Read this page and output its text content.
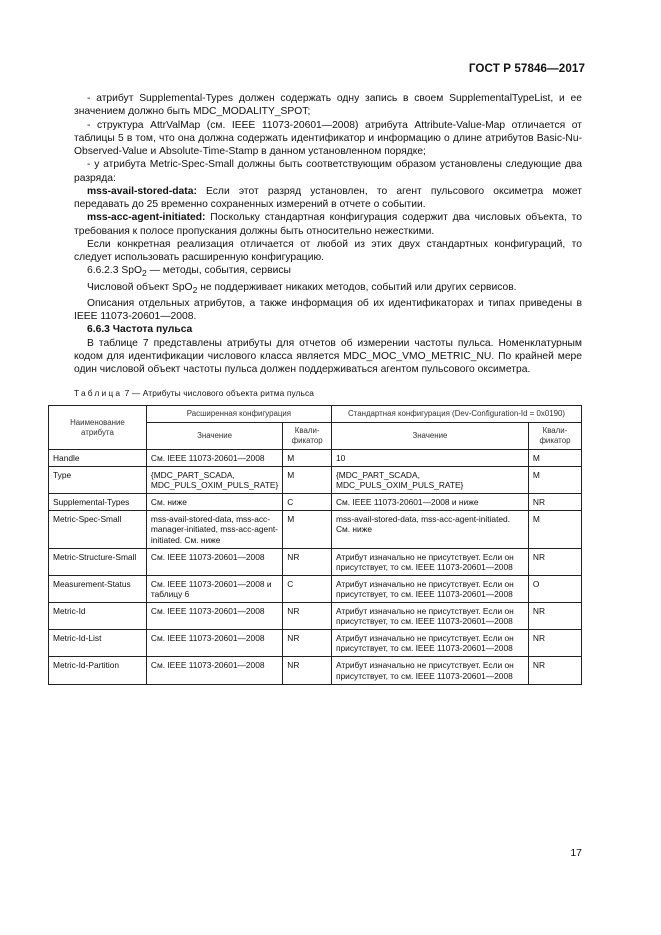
ГОСТ Р 57846—2017

- атрибут Supplemental-Types должен содержать одну запись в своем SupplementalTypeList, и ее значением должно быть MDC_MODALITY_SPOT;

- структура AttrValMap (см. IEEE 11073-20601—2008) атрибута Attribute-Value-Map отличается от таблицы 5 в том, что она должна содержать идентификатор и информацию о длине атрибутов Basic-Nu-Observed-Value и Absolute-Time-Stamp в данном установленном порядке;

- у атрибута Metric-Spec-Small должны быть соответствующим образом установлены следующие два разряда:

mss-avail-stored-data: Если этот разряд установлен, то агент пульсового оксиметра может передавать до 25 временно сохраненных измерений в отчете о событии.

mss-acc-agent-initiated: Поскольку стандартная конфигурация содержит два числовых объекта, то требования к полосе пропускания должны быть относительно нежесткими.

Если конкретная реализация отличается от любой из этих двух стандартных конфигураций, то следует использовать расширенную конфигурацию.

6.6.2.3 SpO$_2$ — методы, события, сервисы

Числовой объект SpO$_2$ не поддерживает никаких методов, событий или других сервисов.

Описания отдельных атрибутов, а также информация об их идентификаторах и типах приведены в IEEE 11073-20601—2008.

6.6.3 Частота пульса

В таблице 7 представлены атрибуты для отчетов об измерении частоты пульса. Номенклатурным кодом для идентификации числового класса является MDC_MOC_VMO_METRIC_NU. По крайней мере один числовой объект частоты пульса должен поддерживаться агентом пульсового оксиметра.

Таблица 7 — Атрибуты числового объекта ритма пульса
Наименование атрибута	Расширенная конфигурация		Стандартная конфигурация (Dev-Configuration-Id = 0x0190)	
	Значение	Квали-фикатор	Значение	Квали-фикатор
Handle	См. IEEE 11073-20601—2008	M	10	M
Type	{MDC_PART_SCADA, MDC_PULS_OXIM_PULS_RATE}	M	{MDC_PART_SCADA, MDC_PULS_OXIM_PULS_RATE}	M
Supplemental-Types	См. ниже	C	См. IEEE 11073-20601—2008 и ниже	NR
Metric-Spec-Small	mss-avail-stored-data, mss-acc-manager-initiated, mss-acc-agent-initiated. См. ниже	M	mss-avail-stored-data, mss-acc-agent-initiated. См. ниже	M
Metric-Structure-Small	См. IEEE 11073-20601—2008	NR	Атрибут изначально не присутствует. Если он присутствует, то см. IEEE 11073-20601—2008	NR
Measurement-Status	См. IEEE 11073-20601—2008 и таблицу 6	C	Атрибут изначально не присутствует. Если он присутствует, то см. IEEE 11073-20601—2008	O
Metric-Id	См. IEEE 11073-20601—2008	NR	Атрибут изначально не присутствует. Если он присутствует, то см. IEEE 11073-20601—2008	NR
Metric-Id-List	См. IEEE 11073-20601—2008	NR	Атрибут изначально не присутствует. Если он присутствует, то см. IEEE 11073-20601—2008	NR
Metric-Id-Partition	См. IEEE 11073-20601—2008	NR	Атрибут изначально не присутствует. Если он присутствует, то см. IEEE 11073-20601—2008	NR
17
